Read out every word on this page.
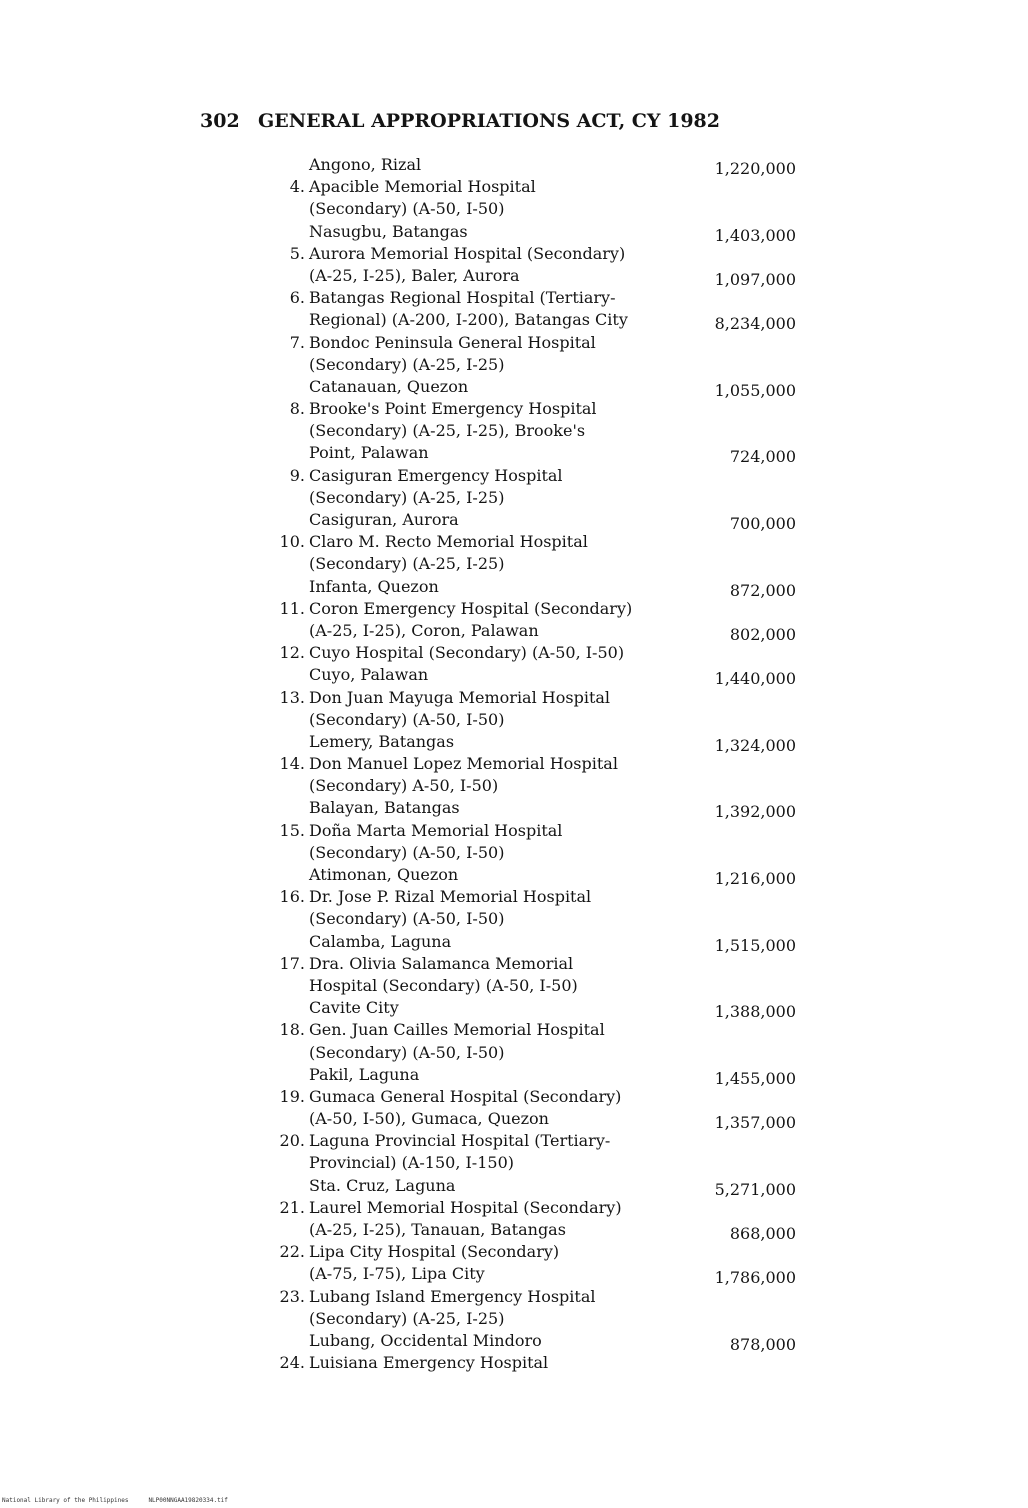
302 GENERAL APPROPRIATIONS ACT, CY 1982
Angono, Rizal	1,220,000
4. Apacible Memorial Hospital
(Secondary) (A-50, I-50)
Nasugbu, Batangas	1,403,000
5. Aurora Memorial Hospital (Secondary)
(A-25, I-25), Baler, Aurora	1,097,000
6. Batangas Regional Hospital (Tertiary-
Regional) (A-200, I-200), Batangas City	8,234,000
7. Bondoc Peninsula General Hospital
(Secondary) (A-25, I-25)
Catanauan, Quezon	1,055,000
8. Brooke's Point Emergency Hospital
(Secondary) (A-25, I-25), Brooke's
Point, Palawan	724,000
9. Casiguran Emergency Hospital
(Secondary) (A-25, I-25)
Casiguran, Aurora	700,000
10. Claro M. Recto Memorial Hospital
(Secondary) (A-25, I-25)
Infanta, Quezon	872,000
11. Coron Emergency Hospital (Secondary)
(A-25, I-25), Coron, Palawan	802,000
12. Cuyo Hospital (Secondary) (A-50, I-50)
Cuyo, Palawan	1,440,000
13. Don Juan Mayuga Memorial Hospital
(Secondary) (A-50, I-50)
Lemery, Batangas	1,324,000
14. Don Manuel Lopez Memorial Hospital
(Secondary) A-50, I-50)
Balayan, Batangas	1,392,000
15. Doña Marta Memorial Hospital
(Secondary) (A-50, I-50)
Atimonan, Quezon	1,216,000
16. Dr. Jose P. Rizal Memorial Hospital
(Secondary) (A-50, I-50)
Calamba, Laguna	1,515,000
17. Dra. Olivia Salamanca Memorial
Hospital (Secondary) (A-50, I-50)
Cavite City	1,388,000
18. Gen. Juan Cailles Memorial Hospital
(Secondary) (A-50, I-50)
Pakil, Laguna	1,455,000
19. Gumaca General Hospital (Secondary)
(A-50, I-50), Gumaca, Quezon	1,357,000
20. Laguna Provincial Hospital (Tertiary-
Provincial) (A-150, I-150)
Sta. Cruz, Laguna	5,271,000
21. Laurel Memorial Hospital (Secondary)
(A-25, I-25), Tanauan, Batangas	868,000
22. Lipa City Hospital (Secondary)
(A-75, I-75), Lipa City	1,786,000
23. Lubang Island Emergency Hospital
(Secondary) (A-25, I-25)
Lubang, Occidental Mindoro	878,000
24. Luisiana Emergency Hospital
National Library of the Philippines	NLP00NNGAA19820334.tif
